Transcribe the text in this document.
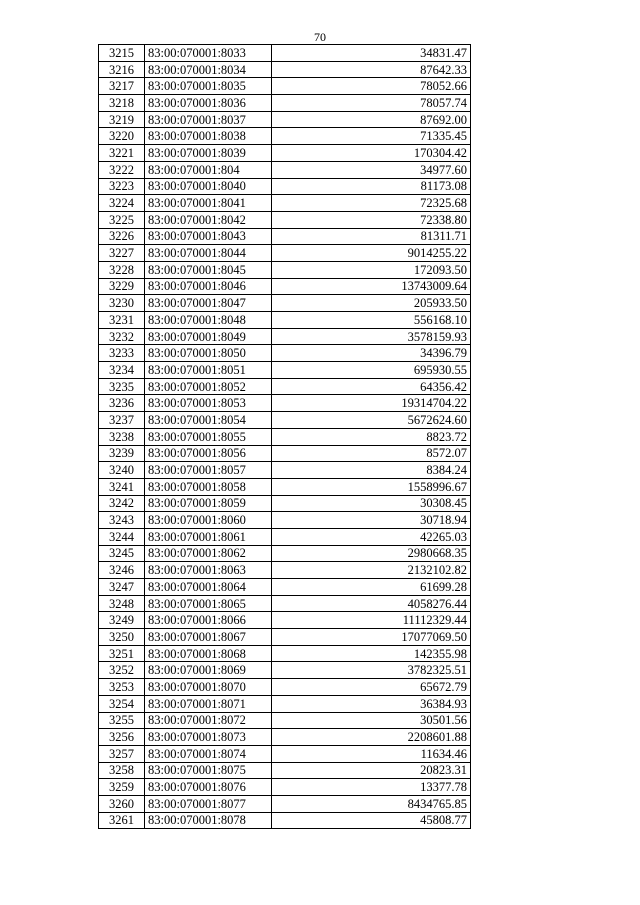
70
3215	83:00:070001:8033	34831.47
3216	83:00:070001:8034	87642.33
3217	83:00:070001:8035	78052.66
3218	83:00:070001:8036	78057.74
3219	83:00:070001:8037	87692.00
3220	83:00:070001:8038	71335.45
3221	83:00:070001:8039	170304.42
3222	83:00:070001:804	34977.60
3223	83:00:070001:8040	81173.08
3224	83:00:070001:8041	72325.68
3225	83:00:070001:8042	72338.80
3226	83:00:070001:8043	81311.71
3227	83:00:070001:8044	9014255.22
3228	83:00:070001:8045	172093.50
3229	83:00:070001:8046	13743009.64
3230	83:00:070001:8047	205933.50
3231	83:00:070001:8048	556168.10
3232	83:00:070001:8049	3578159.93
3233	83:00:070001:8050	34396.79
3234	83:00:070001:8051	695930.55
3235	83:00:070001:8052	64356.42
3236	83:00:070001:8053	19314704.22
3237	83:00:070001:8054	5672624.60
3238	83:00:070001:8055	8823.72
3239	83:00:070001:8056	8572.07
3240	83:00:070001:8057	8384.24
3241	83:00:070001:8058	1558996.67
3242	83:00:070001:8059	30308.45
3243	83:00:070001:8060	30718.94
3244	83:00:070001:8061	42265.03
3245	83:00:070001:8062	2980668.35
3246	83:00:070001:8063	2132102.82
3247	83:00:070001:8064	61699.28
3248	83:00:070001:8065	4058276.44
3249	83:00:070001:8066	11112329.44
3250	83:00:070001:8067	17077069.50
3251	83:00:070001:8068	142355.98
3252	83:00:070001:8069	3782325.51
3253	83:00:070001:8070	65672.79
3254	83:00:070001:8071	36384.93
3255	83:00:070001:8072	30501.56
3256	83:00:070001:8073	2208601.88
3257	83:00:070001:8074	11634.46
3258	83:00:070001:8075	20823.31
3259	83:00:070001:8076	13377.78
3260	83:00:070001:8077	8434765.85
3261	83:00:070001:8078	45808.77
